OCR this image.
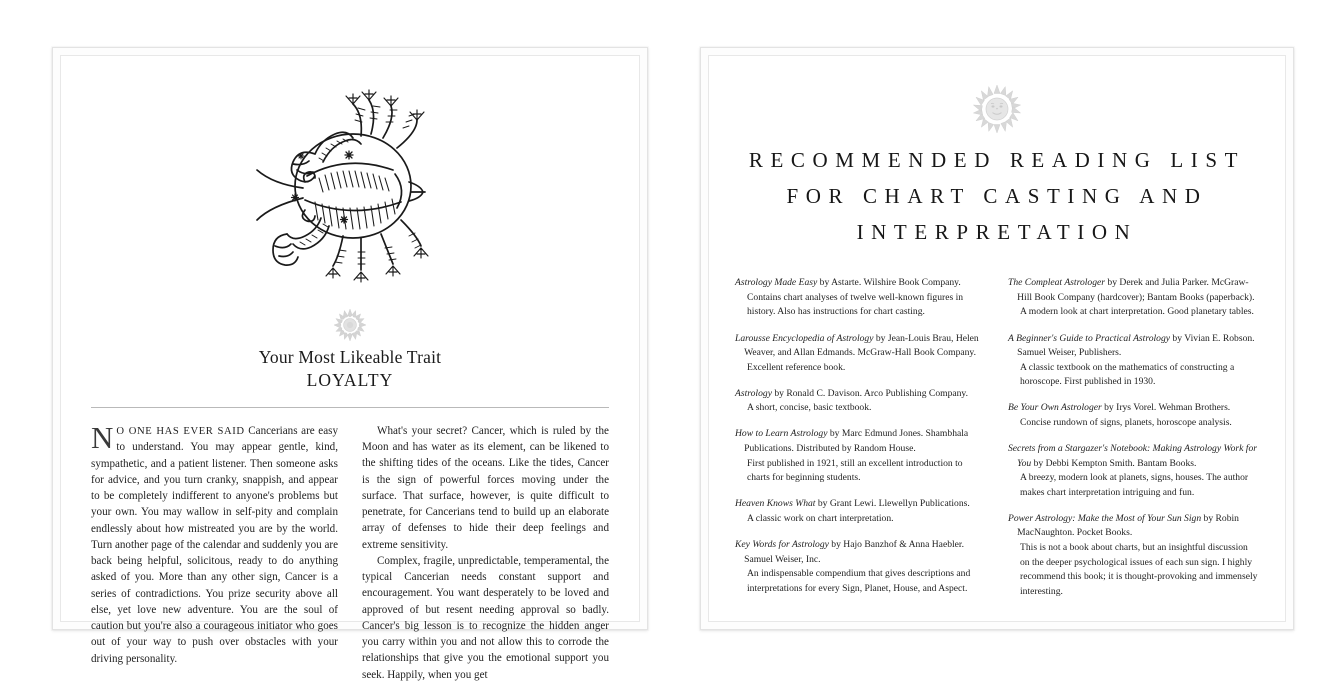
Your Most Likeable Trait
LOYALTY

N O ONE HAS EVER SAID Cancerians are easy to understand. You may appear gentle, kind, sympathetic, and a patient listener. Then someone asks for advice, and you turn cranky, snappish, and appear to be completely indifferent to anyone's problems but your own. You may wallow in self-pity and complain endlessly about how mistreated you are by the world. Turn another page of the calendar and suddenly you are back being helpful, solicitous, ready to do anything asked of you. More than any other sign, Cancer is a series of contradictions. You prize security above all else, yet love new adventure. You are the soul of caution but you're also a courageous initiator who goes out of your way to push over obstacles with your driving personality.

What's your secret? Cancer, which is ruled by the Moon and has water as its element, can be likened to the shifting tides of the oceans. Like the tides, Cancer is the sign of powerful forces moving under the surface. That surface, however, is quite difficult to penetrate, for Cancerians tend to build up an elaborate array of defenses to hide their deep feelings and extreme sensitivity.

Complex, fragile, unpredictable, temperamental, the typical Cancerian needs constant support and encouragement. You want desperately to be loved and approved of but resent needing approval so badly. Cancer's big lesson is to recognize the hidden anger you carry within you and not allow this to corrode the relationships that give you the emotional support you seek. Happily, when you get

RECOMMENDED READING LIST
FOR CHART CASTING AND
INTERPRETATION

Astrology Made Easy by Astarte. Wilshire Book Company.

Contains chart analyses of twelve well-known figures in history. Also has instructions for chart casting.

Larousse Encyclopedia of Astrology by Jean-Louis Brau, Helen Weaver, and Allan Edmands. McGraw-Hall Book Company.

Excellent reference book.

Astrology by Ronald C. Davison. Arco Publishing Company.

A short, concise, basic textbook.

How to Learn Astrology by Marc Edmund Jones. Shambhala Publications. Distributed by Random House.

First published in 1921, still an excellent introduction to charts for beginning students.

Heaven Knows What by Grant Lewi. Llewellyn Publications.

A classic work on chart interpretation.

Key Words for Astrology by Hajo Banzhof & Anna Haebler. Samuel Weiser, Inc.

An indispensable compendium that gives descriptions and interpretations for every Sign, Planet, House, and Aspect.

The Compleat Astrologer by Derek and Julia Parker. McGraw-Hill Book Company (hardcover); Bantam Books (paperback).

A modern look at chart interpretation. Good planetary tables.

A Beginner's Guide to Practical Astrology by Vivian E. Robson. Samuel Weiser, Publishers.

A classic textbook on the mathematics of constructing a horoscope. First published in 1930.

Be Your Own Astrologer by Irys Vorel. Wehman Brothers.

Concise rundown of signs, planets, horoscope analysis.

Secrets from a Stargazer's Notebook: Making Astrology Work for You by Debbi Kempton Smith. Bantam Books.

A breezy, modern look at planets, signs, houses. The author makes chart interpretation intriguing and fun.

Power Astrology: Make the Most of Your Sun Sign by Robin MacNaughton. Pocket Books.

This is not a book about charts, but an insightful discussion on the deeper psychological issues of each sun sign. I highly recommend this book; it is thought-provoking and immensely interesting.
